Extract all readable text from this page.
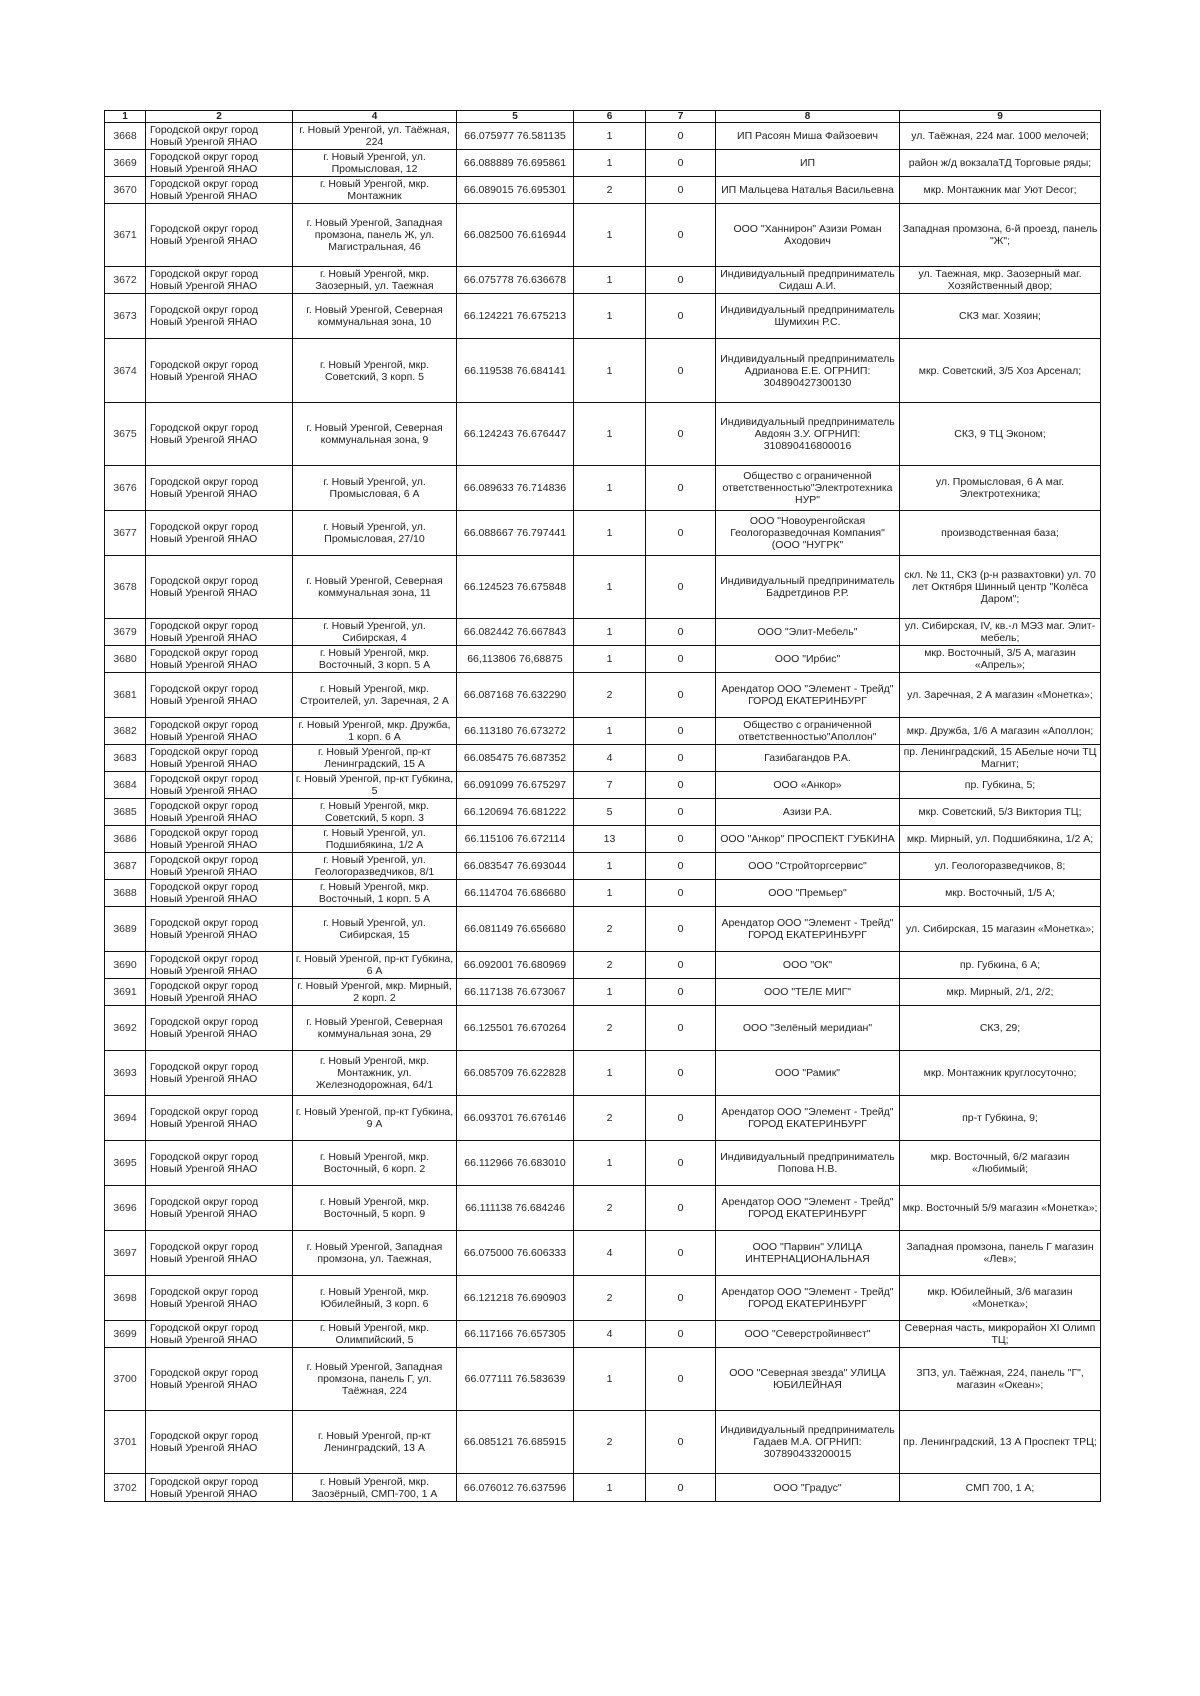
1	2	4	5	6	7	8	9
3668	Городской округ город Новый Уренгой ЯНАО	г. Новый Уренгой, ул. Таёжная, 224	66.075977 76.581135	1	0	ИП Расоян Миша Файзоевич	ул. Таёжная, 224 маг. 1000 мелочей;
3669	Городской округ город Новый Уренгой ЯНАО	г. Новый Уренгой, ул. Промысловая, 12	66.088889 76.695861	1	0	ИП	район ж/д вокзалаТД Торговые ряды;
3670	Городской округ город Новый Уренгой ЯНАО	г. Новый Уренгой, мкр. Монтажник	66.089015 76.695301	2	0	ИП Мальцева Наталья Васильевна	мкр. Монтажник маг Уют Decor;
3671	Городской округ город Новый Уренгой ЯНАО	г. Новый Уренгой, Западная промзона, панель Ж, ул. Магистральная, 46	66.082500 76.616944	1	0	ООО "Ханнирон" Азизи Роман Аходович	Западная промзона, 6-й проезд, панель "Ж";
3672	Городской округ город Новый Уренгой ЯНАО	г. Новый Уренгой, мкр. Заозерный, ул. Таежная	66.075778 76.636678	1	0	Индивидуальный предприниматель Сидаш А.И.	ул. Таежная, мкр. Заозерный маг. Хозяйственный двор;
3673	Городской округ город Новый Уренгой ЯНАО	г. Новый Уренгой, Северная коммунальная зона, 10	66.124221 76.675213	1	0	Индивидуальный предприниматель Шумихин Р.С.	СКЗ маг. Хозяин;
3674	Городской округ город Новый Уренгой ЯНАО	г. Новый Уренгой, мкр. Советский, 3 корп. 5	66.119538 76.684141	1	0	Индивидуальный предприниматель Адрианова Е.Е. ОГРНИП: 304890427300130	мкр. Советский, 3/5 Хоз Арсенал;
3675	Городской округ город Новый Уренгой ЯНАО	г. Новый Уренгой, Северная коммунальная зона, 9	66.124243 76.676447	1	0	Индивидуальный предприниматель Авдоян З.У. ОГРНИП: 310890416800016	СКЗ, 9 ТЦ Эконом;
3676	Городской округ город Новый Уренгой ЯНАО	г. Новый Уренгой, ул. Промысловая, 6 А	66.089633 76.714836	1	0	Общество с ограниченной ответственностью"Электротехника НУР"	ул. Промысловая, 6 А маг. Электротехника;
3677	Городской округ город Новый Уренгой ЯНАО	г. Новый Уренгой, ул. Промысловая, 27/10	66.088667 76.797441	1	0	ООО "Новоуренгойская Геологоразведочная Компания" (ООО "НУГРК"	производственная база;
3678	Городской округ город Новый Уренгой ЯНАО	г. Новый Уренгой, Северная коммунальная зона, 11	66.124523 76.675848	1	0	Индивидуальный предприниматель Бадретдинов Р.Р.	скл. № 11, СКЗ (р-н развахтовки) ул. 70 лет Октября Шинный центр "Колёса Даром";
3679	Городской округ город Новый Уренгой ЯНАО	г. Новый Уренгой, ул. Сибирская, 4	66.082442 76.667843	1	0	ООО "Элит-Мебель"	ул. Сибирская, IV, кв.-л МЭЗ маг. Элит-мебель;
3680	Городской округ город Новый Уренгой ЯНАО	г. Новый Уренгой, мкр. Восточный, 3 корп. 5 А	66,113806 76,68875	1	0	ООО "Ирбис"	мкр. Восточный, 3/5 А, магазин «Апрель»;
3681	Городской округ город Новый Уренгой ЯНАО	г. Новый Уренгой, мкр. Строителей, ул. Заречная, 2 А	66.087168 76.632290	2	0	Арендатор ООО "Элемент - Трейд" ГОРОД ЕКАТЕРИНБУРГ	ул. Заречная, 2 А магазин «Монетка»;
3682	Городской округ город Новый Уренгой ЯНАО	г. Новый Уренгой, мкр. Дружба, 1 корп. 6 А	66.113180 76.673272	1	0	Общество с ограниченной ответственностью"Аполлон"	мкр. Дружба, 1/6 А магазин «Аполлон;
3683	Городской округ город Новый Уренгой ЯНАО	г. Новый Уренгой, пр-кт Ленинградский, 15 А	66.085475 76.687352	4	0	Газибагандов Р.А.	пр. Ленинградский, 15 АБелые ночи ТЦ Магнит;
3684	Городской округ город Новый Уренгой ЯНАО	г. Новый Уренгой, пр-кт Губкина, 5	66.091099 76.675297	7	0	ООО «Анкор»	пр. Губкина, 5;
3685	Городской округ город Новый Уренгой ЯНАО	г. Новый Уренгой, мкр. Советский, 5 корп. 3	66.120694 76.681222	5	0	Азизи Р.А.	мкр. Советский, 5/3 Виктория ТЦ;
3686	Городской округ город Новый Уренгой ЯНАО	г. Новый Уренгой, ул. Подшибякина, 1/2 А	66.115106 76.672114	13	0	ООО "Анкор" ПРОСПЕКТ ГУБКИНА	мкр. Мирный, ул. Подшибякина, 1/2 А;
3687	Городской округ город Новый Уренгой ЯНАО	г. Новый Уренгой, ул. Геологоразведчиков, 8/1	66.083547 76.693044	1	0	ООО "Стройторгсервис"	ул. Геологоразведчиков, 8;
3688	Городской округ город Новый Уренгой ЯНАО	г. Новый Уренгой, мкр. Восточный, 1 корп. 5 А	66.114704 76.686680	1	0	ООО "Премьер"	мкр. Восточный, 1/5 А;
3689	Городской округ город Новый Уренгой ЯНАО	г. Новый Уренгой, ул. Сибирская, 15	66.081149 76.656680	2	0	Арендатор ООО "Элемент - Трейд" ГОРОД ЕКАТЕРИНБУРГ	ул. Сибирская, 15 магазин «Монетка»;
3690	Городской округ город Новый Уренгой ЯНАО	г. Новый Уренгой, пр-кт Губкина, 6 А	66.092001 76.680969	2	0	ООО "ОК"	пр. Губкина, 6 А;
3691	Городской округ город Новый Уренгой ЯНАО	г. Новый Уренгой, мкр. Мирный, 2 корп. 2	66.117138 76.673067	1	0	ООО "ТЕЛЕ МИГ"	мкр. Мирный, 2/1, 2/2;
3692	Городской округ город Новый Уренгой ЯНАО	г. Новый Уренгой, Северная коммунальная зона, 29	66.125501 76.670264	2	0	ООО "Зелёный меридиан"	СКЗ, 29;
3693	Городской округ город Новый Уренгой ЯНАО	г. Новый Уренгой, мкр. Монтажник, ул. Железнодорожная, 64/1	66.085709 76.622828	1	0	ООО "Рамик"	мкр. Монтажник круглосуточно;
3694	Городской округ город Новый Уренгой ЯНАО	г. Новый Уренгой, пр-кт Губкина, 9 А	66.093701 76.676146	2	0	Арендатор ООО "Элемент - Трейд" ГОРОД ЕКАТЕРИНБУРГ	пр-т Губкина, 9;
3695	Городской округ город Новый Уренгой ЯНАО	г. Новый Уренгой, мкр. Восточный, 6 корп. 2	66.112966 76.683010	1	0	Индивидуальный предприниматель Попова Н.В.	мкр. Восточный, 6/2 магазин «Любимый;
3696	Городской округ город Новый Уренгой ЯНАО	г. Новый Уренгой, мкр. Восточный, 5 корп. 9	66.111138 76.684246	2	0	Арендатор ООО "Элемент - Трейд" ГОРОД ЕКАТЕРИНБУРГ	мкр. Восточный 5/9 магазин «Монетка»;
3697	Городской округ город Новый Уренгой ЯНАО	г. Новый Уренгой, Западная промзона, ул. Таежная,	66.075000 76.606333	4	0	ООО "Парвин" УЛИЦА ИНТЕРНАЦИОНАЛЬНАЯ	Западная промзона, панель Г магазин «Лев»;
3698	Городской округ город Новый Уренгой ЯНАО	г. Новый Уренгой, мкр. Юбилейный, 3 корп. 6	66.121218 76.690903	2	0	Арендатор ООО "Элемент - Трейд" ГОРОД ЕКАТЕРИНБУРГ	мкр. Юбилейный, 3/6 магазин «Монетка»;
3699	Городской округ город Новый Уренгой ЯНАО	г. Новый Уренгой, мкр. Олимпийский, 5	66.117166 76.657305	4	0	ООО "Северстройинвест"	Северная часть, микрорайон XI Олимп ТЦ;
3700	Городской округ город Новый Уренгой ЯНАО	г. Новый Уренгой, Западная промзона, панель Г, ул. Таёжная, 224	66.077111 76.583639	1	0	ООО "Северная звезда" УЛИЦА ЮБИЛЕЙНАЯ	ЗПЗ, ул. Таёжная, 224, панель "Г", магазин «Океан»;
3701	Городской округ город Новый Уренгой ЯНАО	г. Новый Уренгой, пр-кт Ленинградский, 13 А	66.085121 76.685915	2	0	Индивидуальный предприниматель Гадаев М.А. ОГРНИП: 307890433200015	пр. Ленинградский, 13 А Проспект ТРЦ;
3702	Городской округ город Новый Уренгой ЯНАО	г. Новый Уренгой, мкр. Заозёрный, СМП-700, 1 А	66.076012 76.637596	1	0	ООО "Градус"	СМП 700, 1 А;
